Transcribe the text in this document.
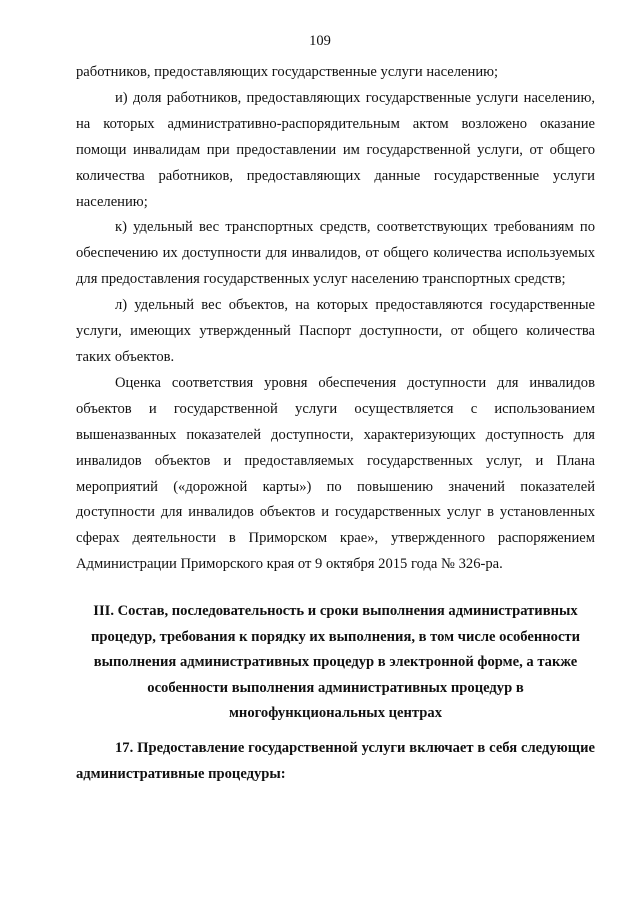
109

работников, предоставляющих государственные услуги населению;

и) доля работников, предоставляющих государственные услуги населению, на которых административно-распорядительным актом возложено оказание помощи инвалидам при предоставлении им государственной услуги, от общего количества работников, предоставляющих данные государственные услуги населению;

к) удельный вес транспортных средств, соответствующих требованиям по обеспечению их доступности для инвалидов, от общего количества используемых для предоставления государственных услуг населению транспортных средств;

л) удельный вес объектов, на которых предоставляются государственные услуги, имеющих утвержденный Паспорт доступности, от общего количества таких объектов.

Оценка соответствия уровня обеспечения доступности для инвалидов объектов и государственной услуги осуществляется с использованием вышеназванных показателей доступности, характеризующих доступность для инвалидов объектов и предоставляемых государственных услуг, и Плана мероприятий («дорожной карты») по повышению значений показателей доступности для инвалидов объектов и государственных услуг в установленных сферах деятельности в Приморском крае», утвержденного распоряжением Администрации Приморского края от 9 октября 2015 года № 326-ра.

III. Состав, последовательность и сроки выполнения административных процедур, требования к порядку их выполнения, в том числе особенности выполнения административных процедур в электронной форме, а также особенности выполнения административных процедур в многофункциональных центрах

17. Предоставление государственной услуги включает в себя следующие административные процедуры:
